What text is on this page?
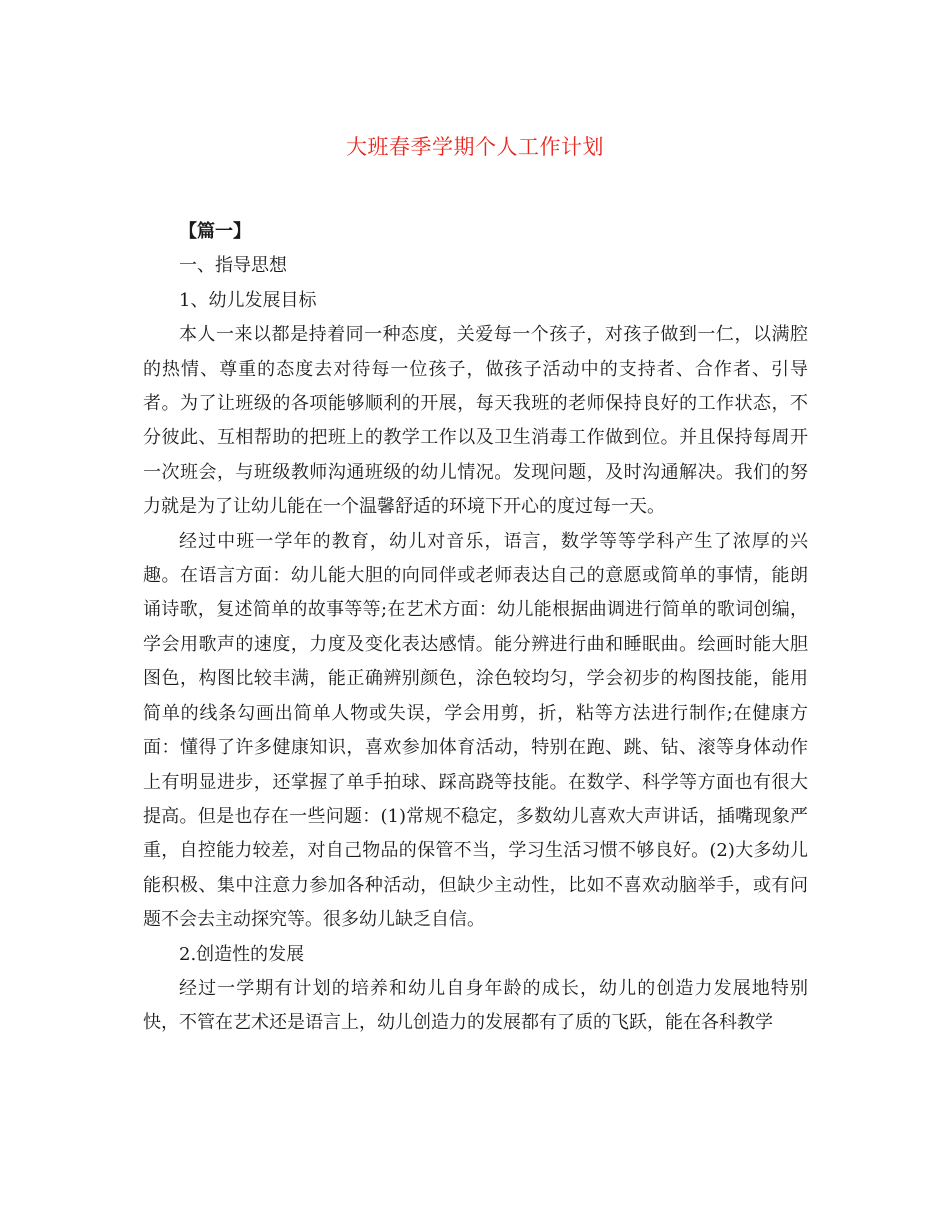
大班春季学期个人工作计划

【篇一】

一、指导思想

1、幼儿发展目标

本人一来以都是持着同一种态度，关爱每一个孩子，对孩子做到一仁，以满腔的热情、尊重的态度去对待每一位孩子，做孩子活动中的支持者、合作者、引导者。为了让班级的各项能够顺利的开展，每天我班的老师保持良好的工作状态，不分彼此、互相帮助的把班上的教学工作以及卫生消毒工作做到位。并且保持每周开一次班会，与班级教师沟通班级的幼儿情况。发现问题，及时沟通解决。我们的努力就是为了让幼儿能在一个温馨舒适的环境下开心的度过每一天。

经过中班一学年的教育，幼儿对音乐，语言，数学等等学科产生了浓厚的兴趣。在语言方面：幼儿能大胆的向同伴或老师表达自己的意愿或简单的事情，能朗诵诗歌，复述简单的故事等等;在艺术方面：幼儿能根据曲调进行简单的歌词创编，学会用歌声的速度，力度及变化表达感情。能分辨进行曲和睡眠曲。绘画时能大胆图色，构图比较丰满，能正确辨别颜色，涂色较均匀，学会初步的构图技能，能用简单的线条勾画出简单人物或失误，学会用剪，折，粘等方法进行制作;在健康方面：懂得了许多健康知识，喜欢参加体育活动，特别在跑、跳、钻、滚等身体动作上有明显进步，还掌握了单手拍球、踩高跷等技能。在数学、科学等方面也有很大提高。但是也存在一些问题：(1)常规不稳定，多数幼儿喜欢大声讲话，插嘴现象严重，自控能力较差，对自己物品的保管不当，学习生活习惯不够良好。(2)大多幼儿能积极、集中注意力参加各种活动，但缺少主动性，比如不喜欢动脑举手，或有问题不会去主动探究等。很多幼儿缺乏自信。

2.创造性的发展

经过一学期有计划的培养和幼儿自身年龄的成长，幼儿的创造力发展地特别快，不管在艺术还是语言上，幼儿创造力的发展都有了质的飞跃，能在各科教学
